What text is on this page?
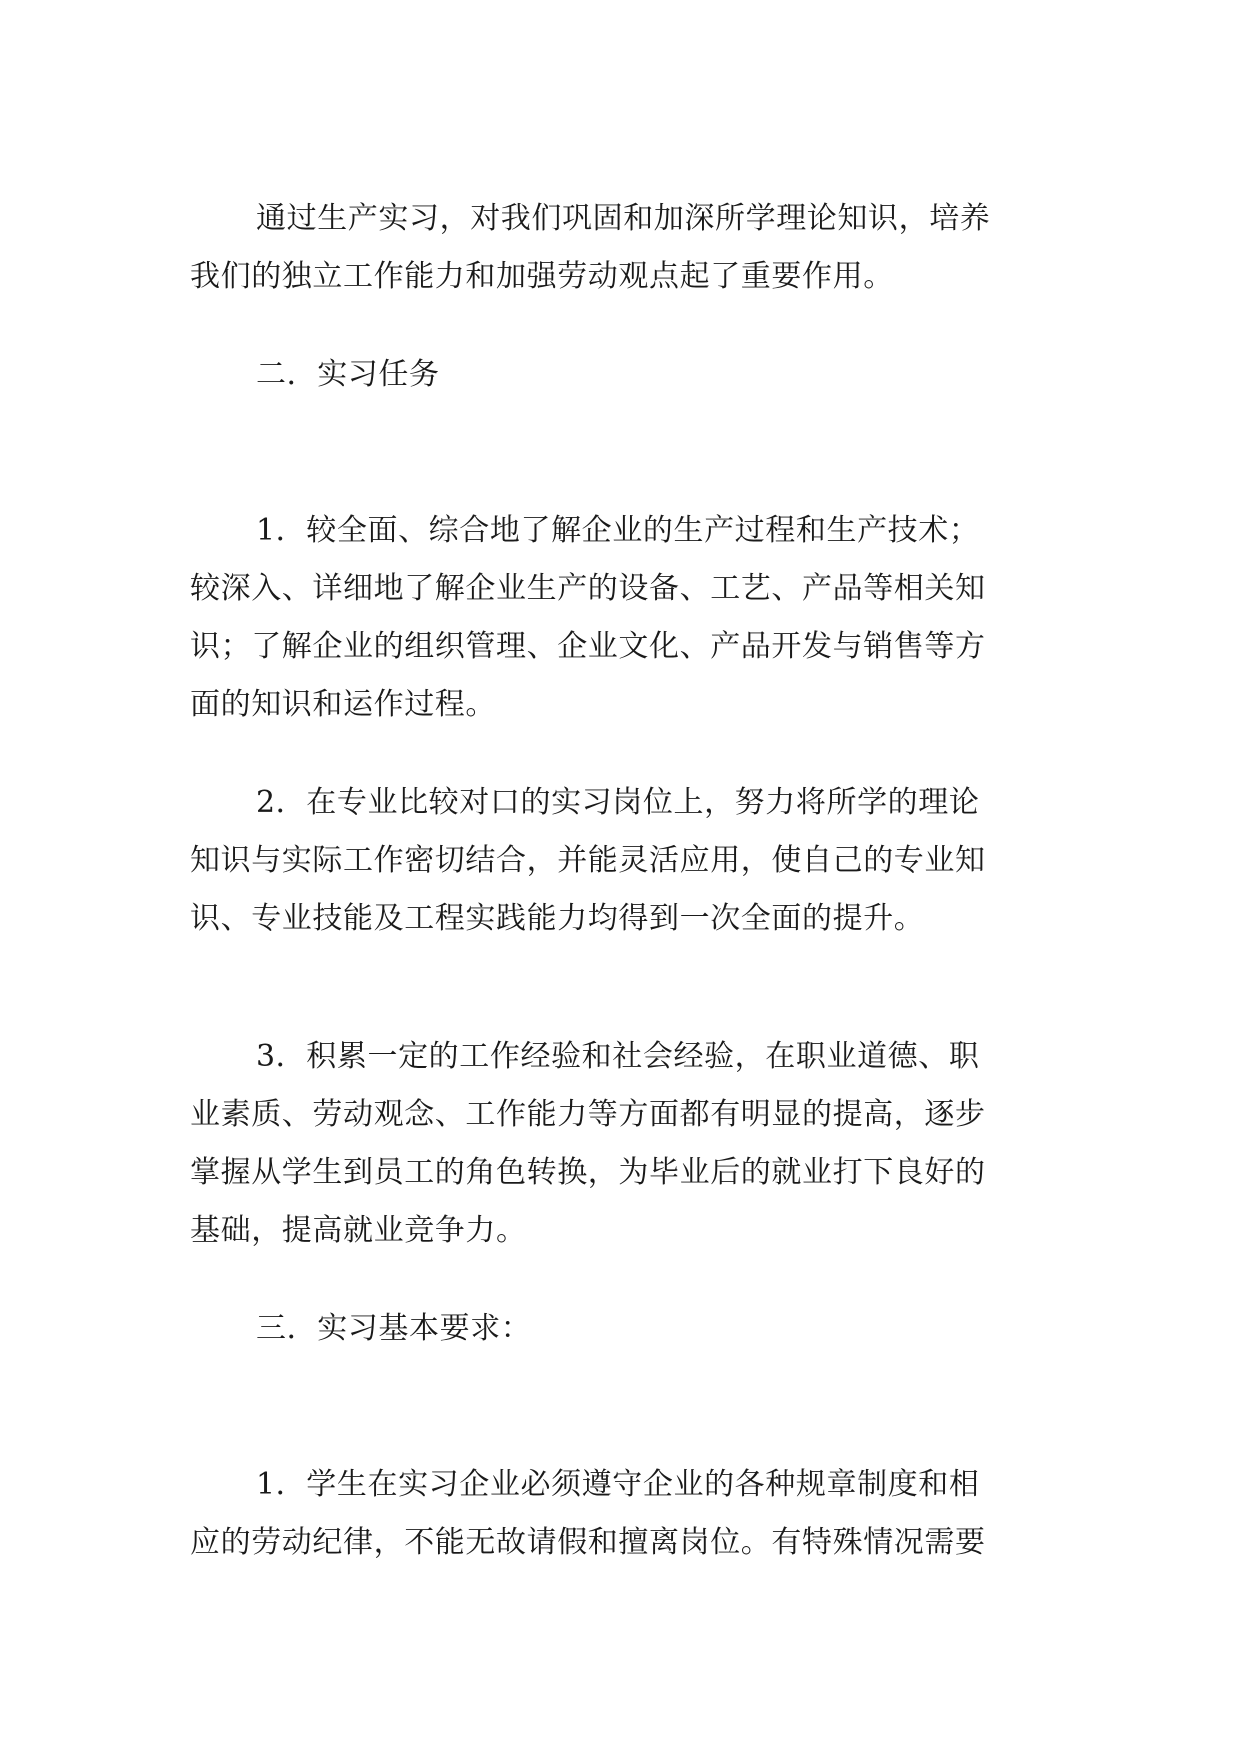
通过生产实习，对我们巩固和加深所学理论知识，培养
我们的独立工作能力和加强劳动观点起了重要作用。
二．实习任务
1．较全面、综合地了解企业的生产过程和生产技术；
较深入、详细地了解企业生产的设备、工艺、产品等相关知
识；了解企业的组织管理、企业文化、产品开发与销售等方
面的知识和运作过程。
2．在专业比较对口的实习岗位上，努力将所学的理论
知识与实际工作密切结合，并能灵活应用，使自己的专业知
识、专业技能及工程实践能力均得到一次全面的提升。
3．积累一定的工作经验和社会经验，在职业道德、职
业素质、劳动观念、工作能力等方面都有明显的提高，逐步
掌握从学生到员工的角色转换，为毕业后的就业打下良好的
基础，提高就业竞争力。
三．实习基本要求：
1．学生在实习企业必须遵守企业的各种规章制度和相
应的劳动纪律，不能无故请假和擅离岗位。有特殊情况需要
